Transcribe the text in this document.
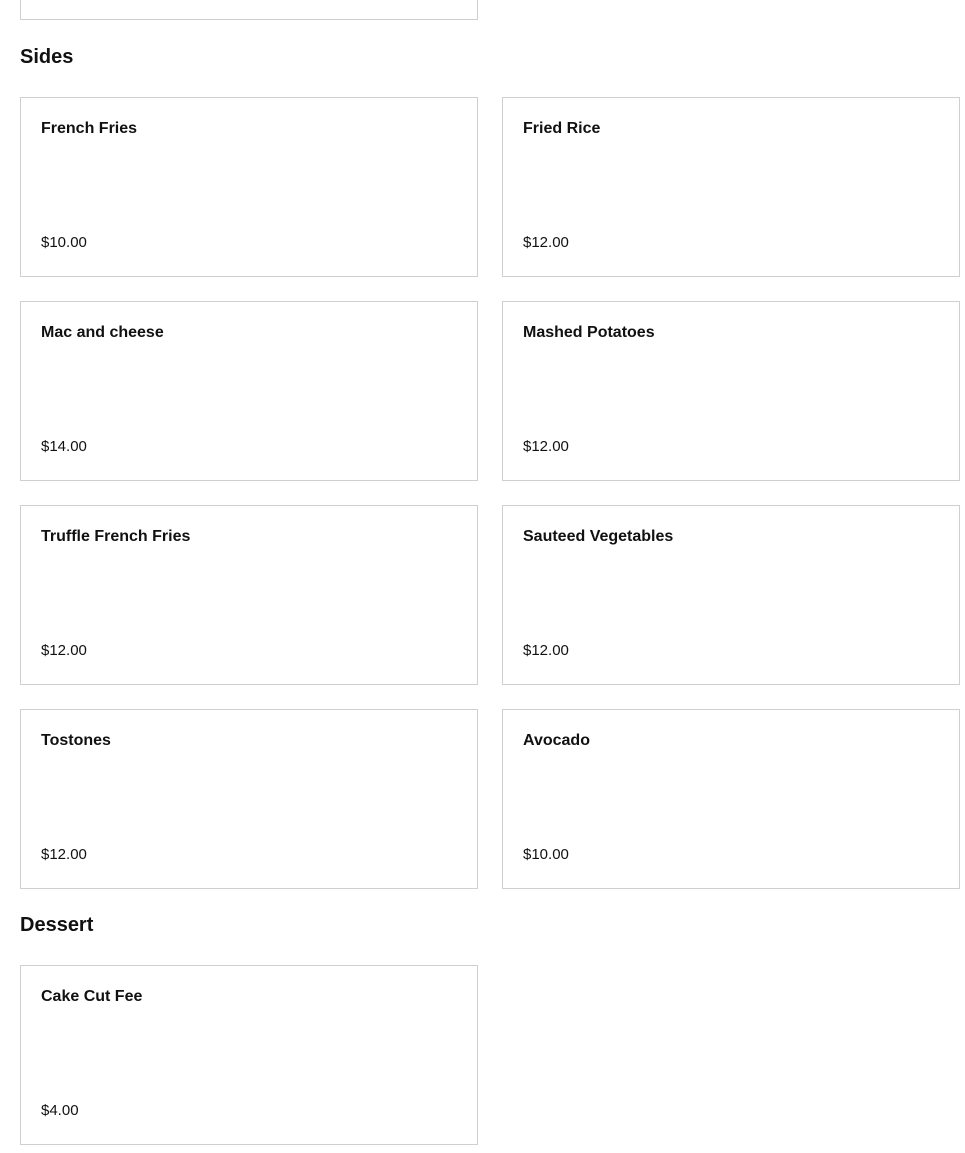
Sides
French Fries
$10.00
Fried Rice
$12.00
Mac and cheese
$14.00
Mashed Potatoes
$12.00
Truffle French Fries
$12.00
Sauteed Vegetables
$12.00
Tostones
$12.00
Avocado
$10.00
Dessert
Cake Cut Fee
$4.00
